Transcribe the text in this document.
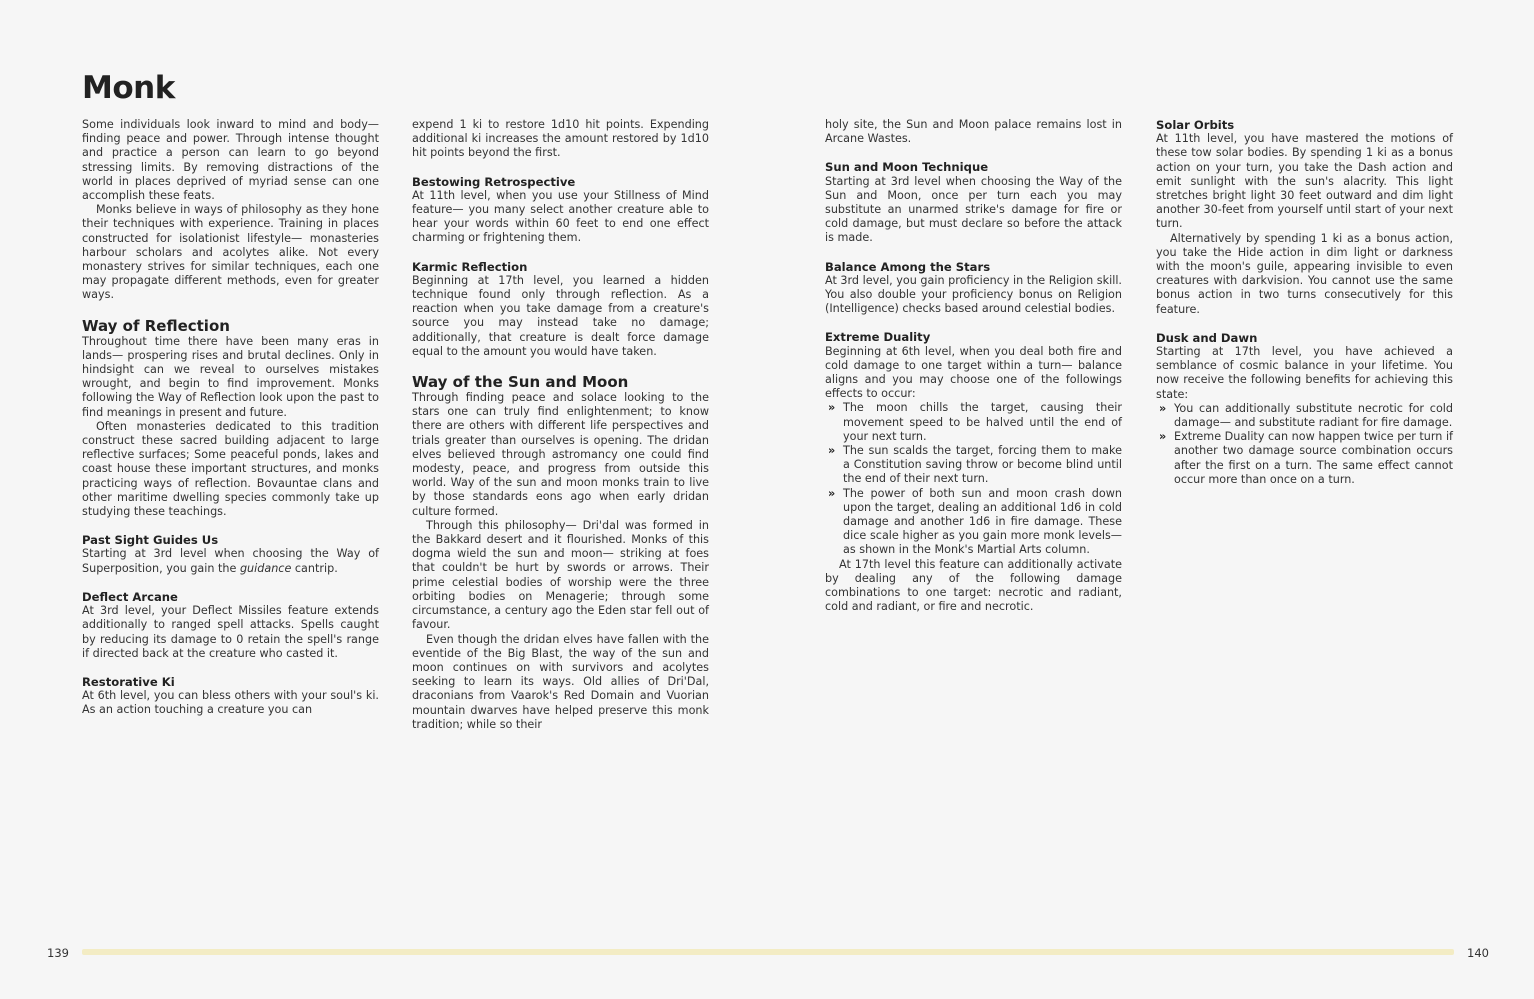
Monk

Some individuals look inward to mind and body— finding peace and power. Through intense thought and practice a person can learn to go beyond stressing limits. By removing distractions of the world in places deprived of myriad sense can one accomplish these feats.

Monks believe in ways of philosophy as they hone their techniques with experience. Training in places constructed for isolationist lifestyle— monasteries harbour scholars and acolytes alike. Not every monastery strives for similar techniques, each one may propagate different methods, even for greater ways.

Way of Reflection

Throughout time there have been many eras in lands— prospering rises and brutal declines. Only in hindsight can we reveal to ourselves mistakes wrought, and begin to find improvement. Monks following the Way of Reflection look upon the past to find meanings in present and future.

Often monasteries dedicated to this tradition construct these sacred building adjacent to large reflective surfaces; Some peaceful ponds, lakes and coast house these important structures, and monks practicing ways of reflection. Bovauntae clans and other maritime dwelling species commonly take up studying these teachings.

Past Sight Guides Us

Starting at 3rd level when choosing the Way of Superposition, you gain the guidance cantrip.

Deflect Arcane

At 3rd level, your Deflect Missiles feature extends additionally to ranged spell attacks. Spells caught by reducing its damage to 0 retain the spell's range if directed back at the creature who casted it.

Restorative Ki

At 6th level, you can bless others with your soul's ki. As an action touching a creature you can

expend 1 ki to restore 1d10 hit points. Expending additional ki increases the amount restored by 1d10 hit points beyond the first.

Bestowing Retrospective

At 11th level, when you use your Stillness of Mind feature— you many select another creature able to hear your words within 60 feet to end one effect charming or frightening them.

Karmic Reflection

Beginning at 17th level, you learned a hidden technique found only through reflection. As a reaction when you take damage from a creature's source you may instead take no damage; additionally, that creature is dealt force damage equal to the amount you would have taken.

Way of the Sun and Moon

Through finding peace and solace looking to the stars one can truly find enlightenment; to know there are others with different life perspectives and trials greater than ourselves is opening. The dridan elves believed through astromancy one could find modesty, peace, and progress from outside this world. Way of the sun and moon monks train to live by those standards eons ago when early dridan culture formed.

Through this philosophy— Dri'dal was formed in the Bakkard desert and it flourished. Monks of this dogma wield the sun and moon— striking at foes that couldn't be hurt by swords or arrows. Their prime celestial bodies of worship were the three orbiting bodies on Menagerie; through some circumstance, a century ago the Eden star fell out of favour.

Even though the dridan elves have fallen with the eventide of the Big Blast, the way of the sun and moon continues on with survivors and acolytes seeking to learn its ways. Old allies of Dri'Dal, draconians from Vaarok's Red Domain and Vuorian mountain dwarves have helped preserve this monk tradition; while so their

holy site, the Sun and Moon palace remains lost in Arcane Wastes.

Sun and Moon Technique

Starting at 3rd level when choosing the Way of the Sun and Moon, once per turn each you may substitute an unarmed strike's damage for fire or cold damage, but must declare so before the attack is made.

Balance Among the Stars

At 3rd level, you gain proficiency in the Religion skill. You also double your proficiency bonus on Religion (Intelligence) checks based around celestial bodies.

Extreme Duality

Beginning at 6th level, when you deal both fire and cold damage to one target within a turn— balance aligns and you may choose one of the followings effects to occur:

» The moon chills the target, causing their movement speed to be halved until the end of your next turn.
» The sun scalds the target, forcing them to make a Constitution saving throw or become blind until the end of their next turn.
» The power of both sun and moon crash down upon the target, dealing an additional 1d6 in cold damage and another 1d6 in fire damage. These dice scale higher as you gain more monk levels— as shown in the Monk's Martial Arts column.

At 17th level this feature can additionally activate by dealing any of the following damage combinations to one target: necrotic and radiant, cold and radiant, or fire and necrotic.

Solar Orbits

At 11th level, you have mastered the motions of these tow solar bodies. By spending 1 ki as a bonus action on your turn, you take the Dash action and emit sunlight with the sun's alacrity. This light stretches bright light 30 feet outward and dim light another 30-feet from yourself until start of your next turn.

Alternatively by spending 1 ki as a bonus action, you take the Hide action in dim light or darkness with the moon's guile, appearing invisible to even creatures with darkvision. You cannot use the same bonus action in two turns consecutively for this feature.

Dusk and Dawn

Starting at 17th level, you have achieved a semblance of cosmic balance in your lifetime. You now receive the following benefits for achieving this state:

» You can additionally substitute necrotic for cold damage— and substitute radiant for fire damage.
» Extreme Duality can now happen twice per turn if another two damage source combination occurs after the first on a turn. The same effect cannot occur more than once on a turn.
139	140
